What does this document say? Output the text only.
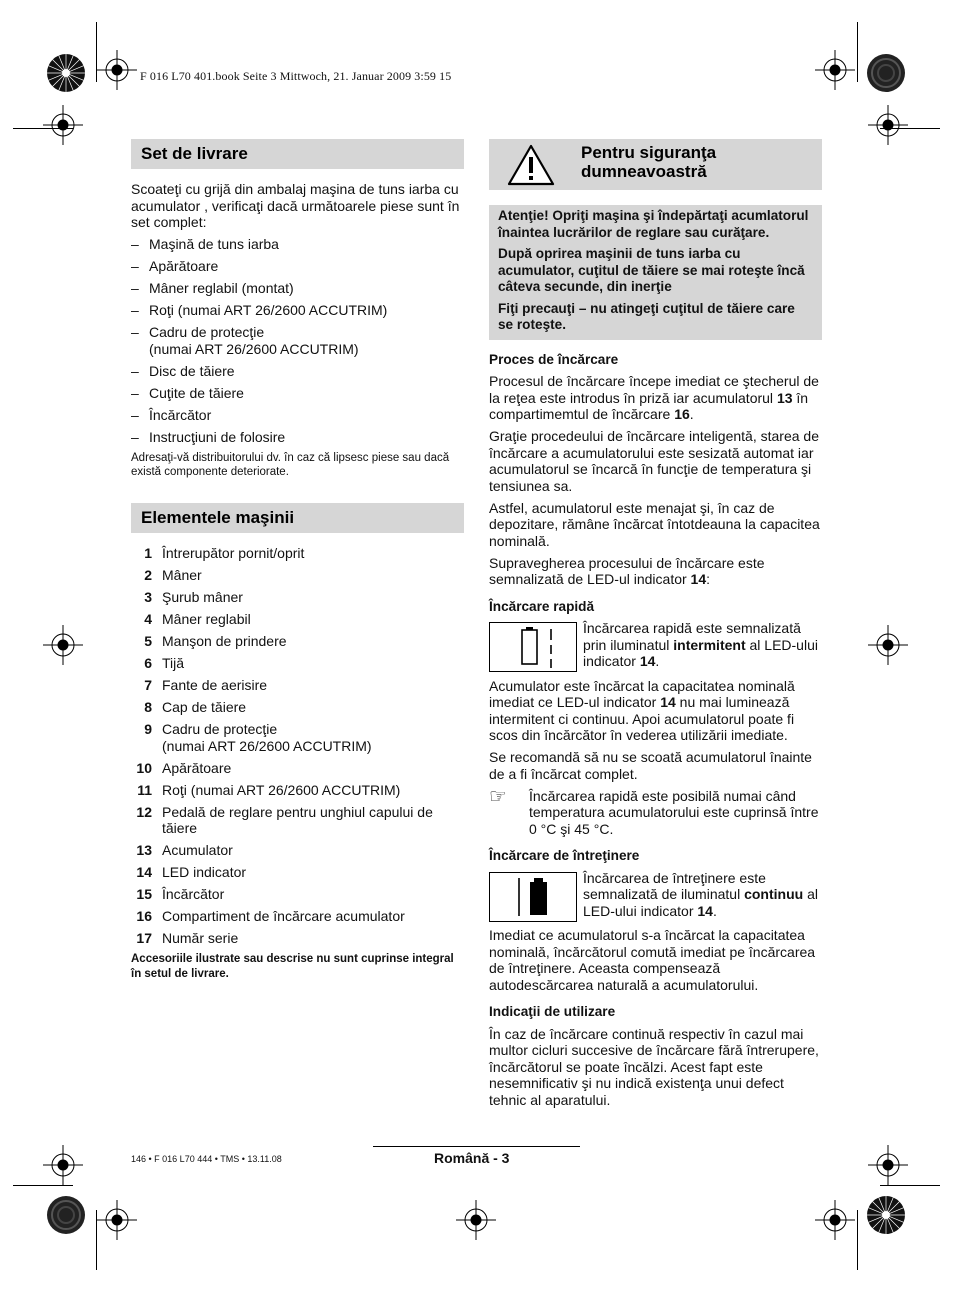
F 016 L70 401.book Seite 3 Mittwoch, 21. Januar 2009 3:59 15
Set de livrare

Scoateţi cu grijă din ambalaj maşina de tuns iarba cu acumulator , verificaţi dacă următoarele piese sunt în set complet:

– Maşină de tuns iarba
– Apărătoare
– Mâner reglabil (montat)
– Roţi (numai ART 26/2600 ACCUTRIM)
– Cadru de protecţie
(numai ART 26/2600 ACCUTRIM)
– Disc de tăiere
– Cuţite de tăiere
– Încărcător
– Instrucţiuni de folosire

Adresaţi-vă distribuitorului dv. în caz că lipsesc piese sau dacă există componente deteriorate.

Elementele maşinii
1 Întrerupător pornit/oprit
2 Mâner
3 Şurub mâner
4 Mâner reglabil
5 Manşon de prindere
6 Tijă
7 Fante de aerisire
8 Cap de tăiere
9 Cadru de protecţie
(numai ART 26/2600 ACCUTRIM)
10 Apărătoare
11 Roţi (numai ART 26/2600 ACCUTRIM)
12 Pedală de reglare pentru unghiul capului de tăiere
13 Acumulator
14 LED indicator
15 Încărcător
16 Compartiment de încărcare acumulator
17 Număr serie

Accesoriile ilustrate sau descrise nu sunt cuprinse integral în setul de livrare.

Pentru siguranţa dumneavoastră

Atenţie! Opriţi maşina şi îndepărtaţi acumlatorul înaintea lucrărilor de reglare sau curăţare.

După oprirea maşinii de tuns iarba cu acumulator, cuţitul de tăiere se mai roteşte încă câteva secunde, din inerţie

Fiţi precauţi – nu atingeţi cuţitul de tăiere care se roteşte.

Proces de încărcare

Procesul de încărcare începe imediat ce ştecherul de la reţea este introdus în priză iar acumulatorul 13 în compartimemtul de încărcare 16.

Graţie procedeului de încărcare inteligentă, starea de încărcare a acumulatorului este sesizată automat iar acumulatorul se încarcă în funcţie de temperatura şi tensiunea sa.

Astfel, acumulatorul este menajat şi, în caz de depozitare, rămâne încărcat întotdeauna la capacitea nominală.

Supravegherea procesului de încărcare este semnalizată de LED-ul indicator 14:

Încărcare rapidă
Încărcarea rapidă este semnalizată prin iluminatul intermitent al LED-ului indicator 14.

Acumulator este încărcat la capacitatea nominală imediat ce LED-ul indicator 14 nu mai luminează intermitent ci continuu. Apoi acumulatorul poate fi scos din încărcător în vederea utilizării imediate.

Se recomandă să nu se scoată acumulatorul înainte de a fi încărcat complet.

☞	Încărcarea rapidă este posibilă numai când temperatura acumulatorului este cuprinsă între 0 °C şi 45 °C.
Încărcare de întreţinere
Încărcarea de întreţinere este semnalizată de iluminatul continuu al LED-ului indicator 14.

Imediat ce acumulatorul s-a încărcat la capacitatea nominală, încărcătorul comută imediat pe încărcarea de întreţinere. Aceasta compensează autodescărcarea naturală a acumulatorului.

Indicaţii de utilizare

În caz de încărcare continuă respectiv în cazul mai multor cicluri succesive de încărcare fără întrerupere, încărcătorul se poate încălzi. Acest fapt este nesemnificativ şi nu indică existenţa unui defect tehnic al aparatului.

146 • F 016 L70 444 • TMS • 13.11.08	Română - 3
